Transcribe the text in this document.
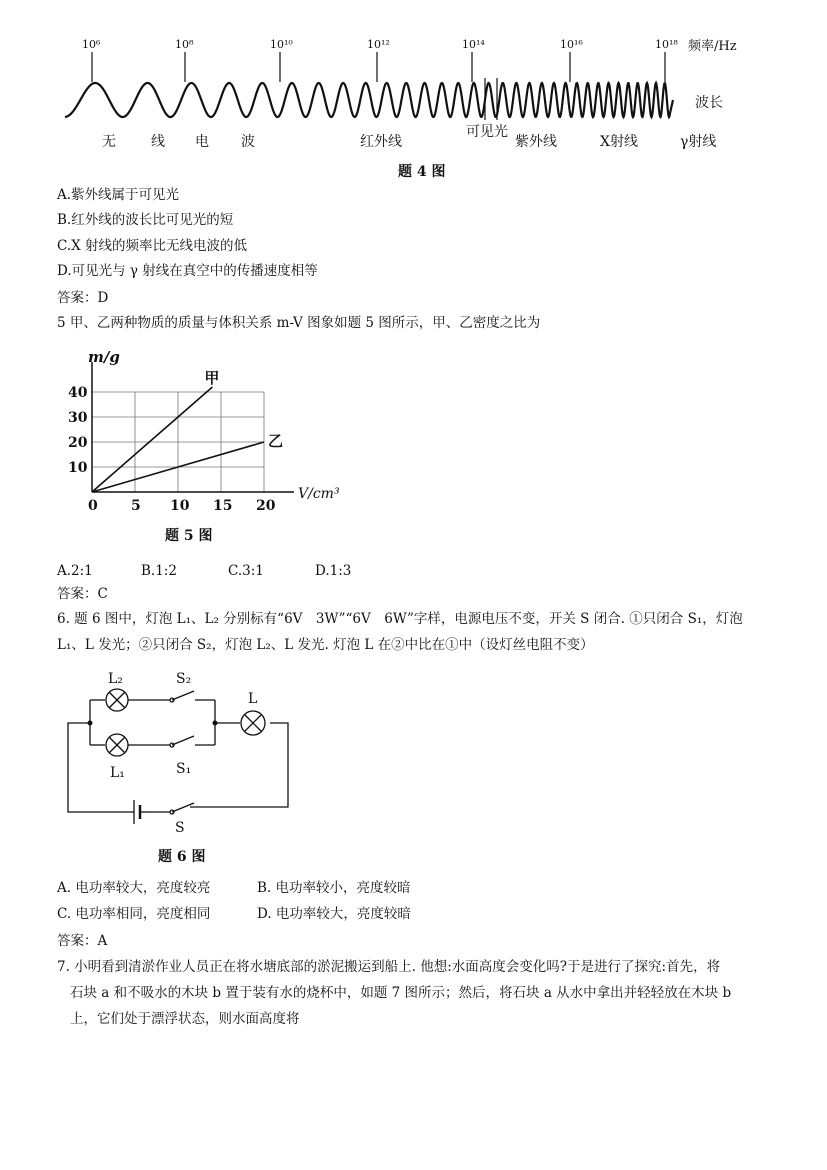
10⁶	10⁸	10¹⁰	10¹²	10¹⁴	10¹⁶	10¹⁸ 频率/Hz
波长
无	线 电 波	红外线
可见光
紫外线	X射线	γ射线
题 4 图
A.紫外线属于可见光
B.红外线的波长比可见光的短
C.X 射线的频率比无线电波的低
D.可见光与 γ 射线在真空中的传播速度相等
答案：D
5 甲、乙两种物质的质量与体积关系 m-V 图象如题 5 图所示，甲、乙密度之比为
甲
乙
0 5 10 15 20
10
20
30
40
m/g
V/cm³
题 5 图
A.2:1	B.1:2	C.3:1	D.1:3
答案：C
6. 题 6 图中，灯泡 L₁、L₂ 分别标有“6V　3W”“6V　6W”字样，电源电压不变，开关 S 闭合. ①只闭合 S₁，灯泡
L₁、L 发光；②只闭合 S₂，灯泡 L₂、L 发光. 灯泡 L 在②中比在①中（设灯丝电阻不变）
L₂	S₂
L
L₁	S₁
S
题 6 图
A. 电功率较大，亮度较亮	B. 电功率较小，亮度较暗
C. 电功率相同，亮度相同	D. 电功率较大，亮度较暗
答案：A
7. 小明看到清淤作业人员正在将水塘底部的淤泥搬运到船上. 他想:水面高度会变化吗?于是进行了探究:首先，将
石块 a 和不吸水的木块 b 置于装有水的烧杯中，如题 7 图所示；然后，将石块 a 从水中拿出并轻轻放在木块 b
上，它们处于漂浮状态，则水面高度将
